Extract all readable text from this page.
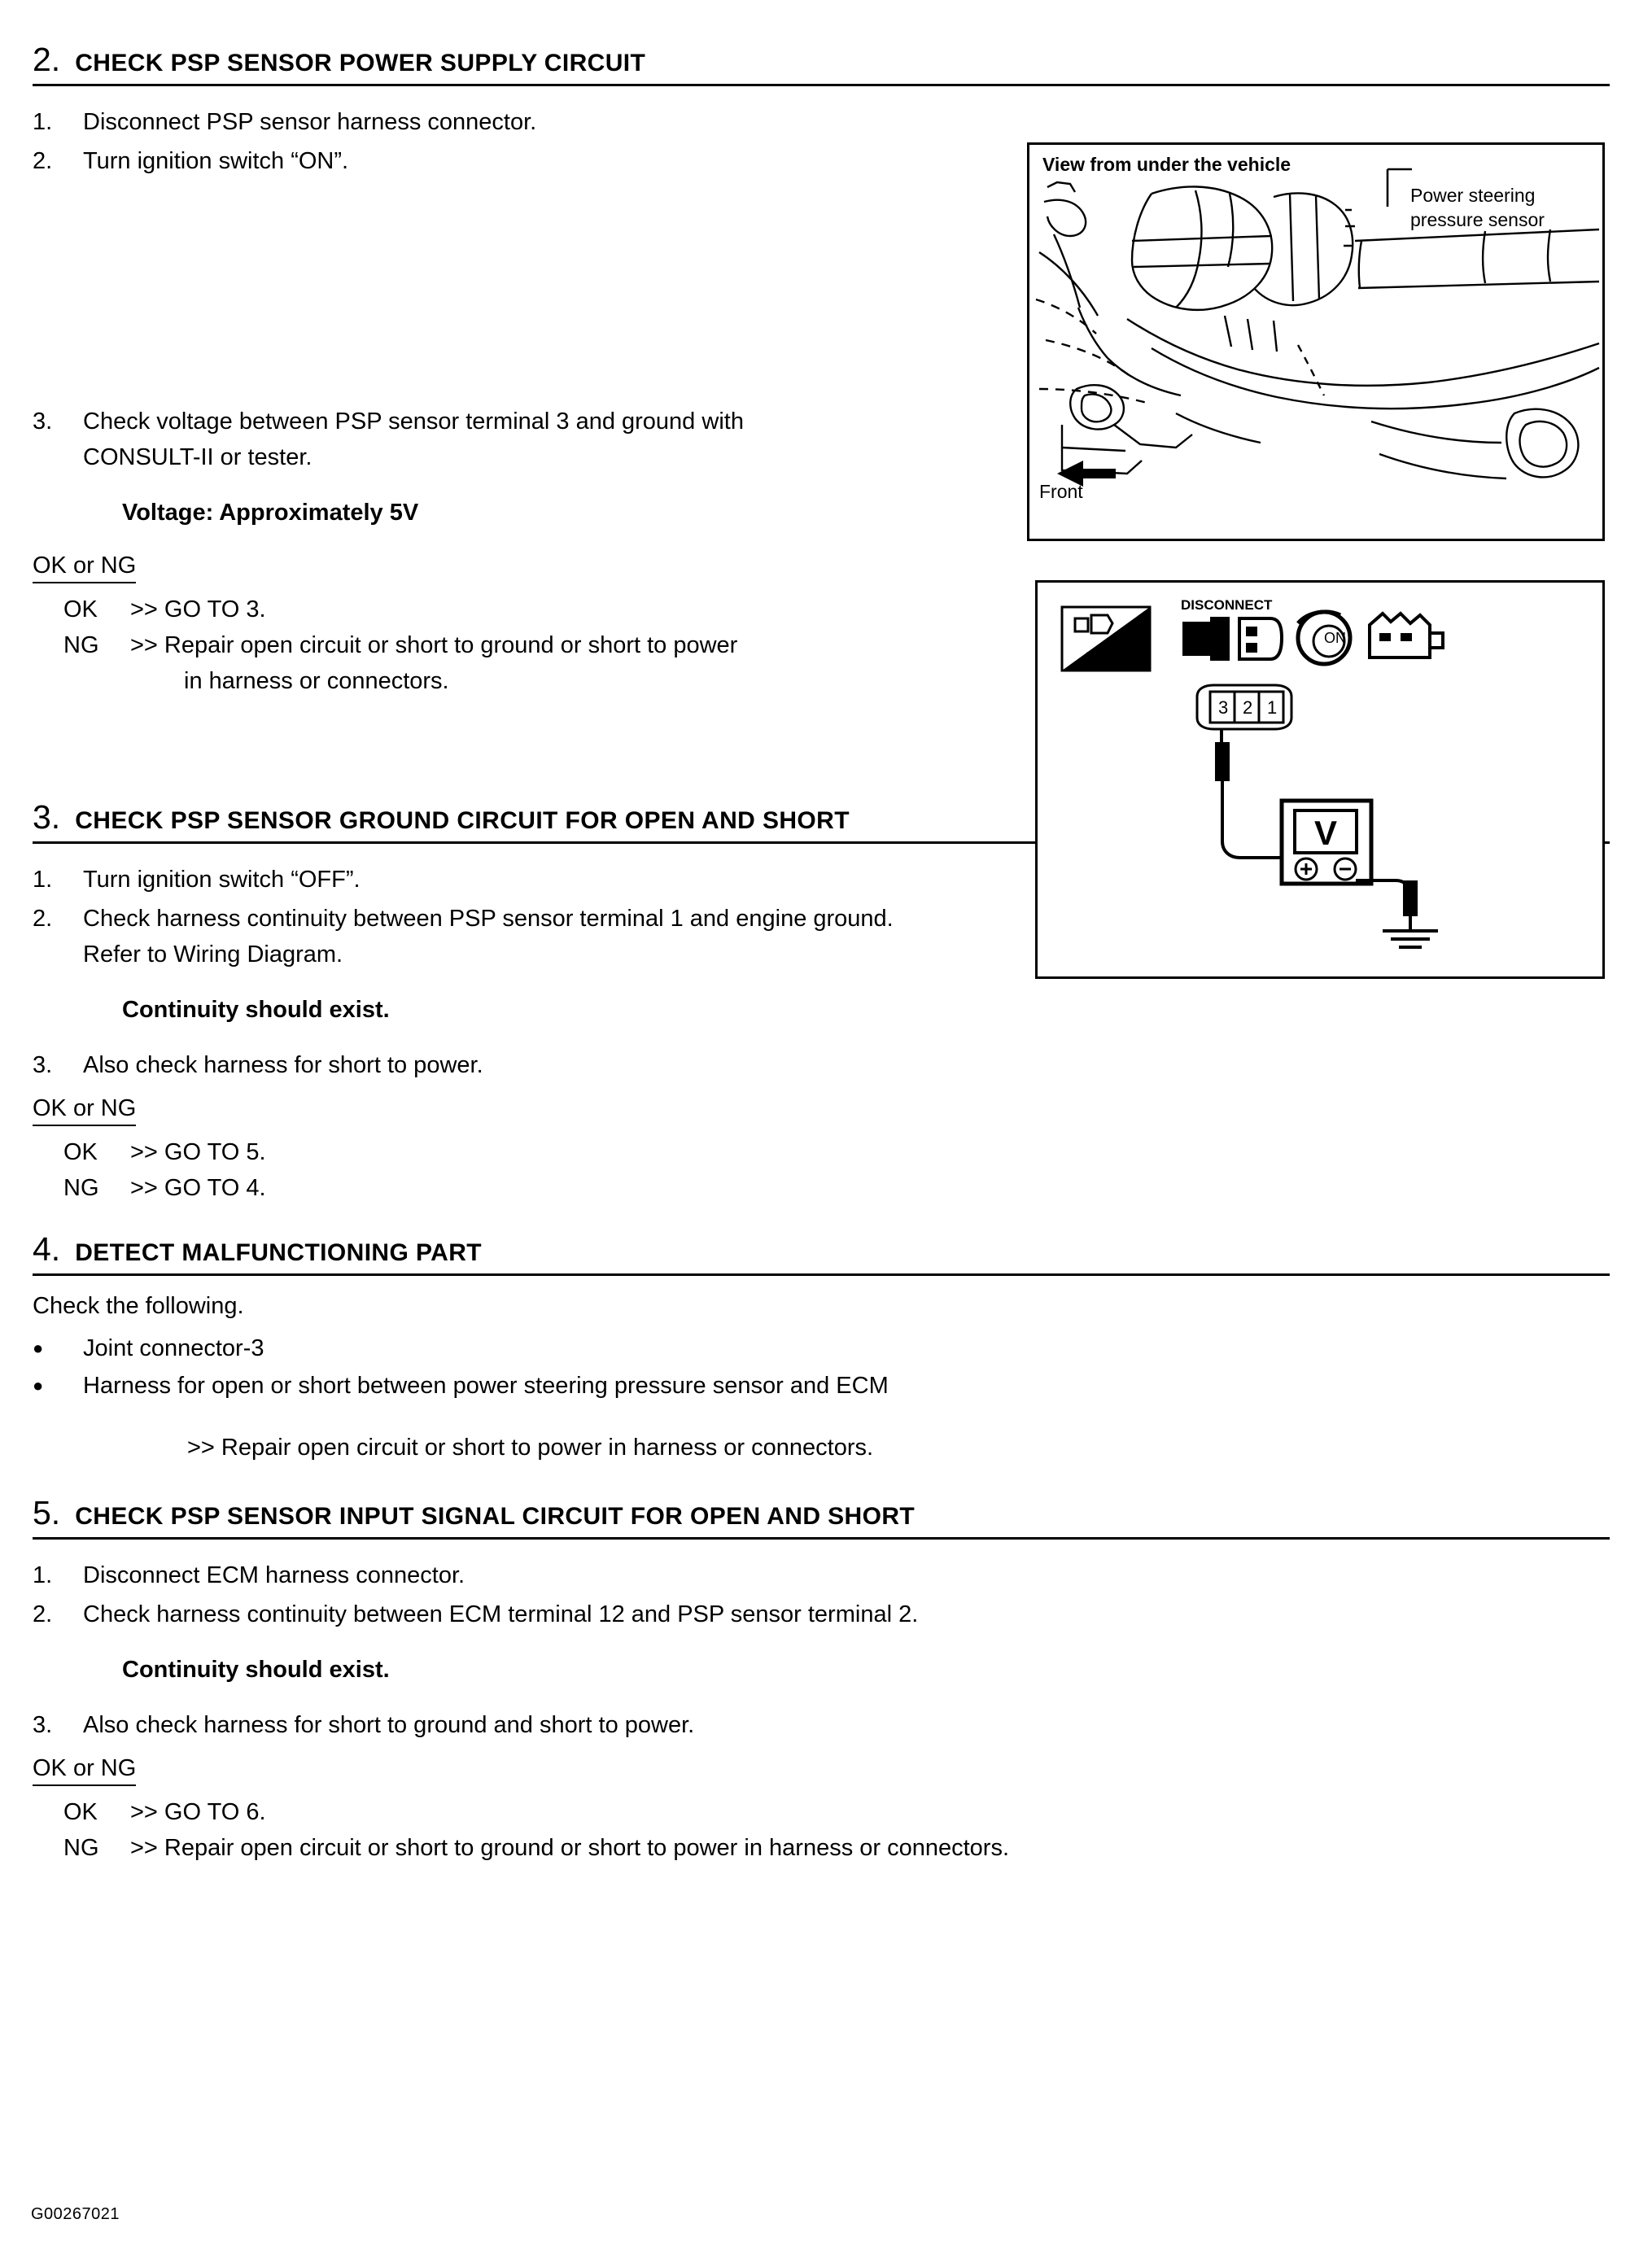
2. CHECK PSP SENSOR POWER SUPPLY CIRCUIT
1.	Disconnect PSP sensor harness connector.
2.	Turn ignition switch “ON”.
3.	Check voltage between PSP sensor terminal 3 and ground with
CONSULT-II or tester.
Voltage: Approximately 5V
OK or NG
OK	>> GO TO 3.
NG	>> Repair open circuit or short to ground or short to power
in harness or connectors.
3. CHECK PSP SENSOR GROUND CIRCUIT FOR OPEN AND SHORT
1.	Turn ignition switch “OFF”.
2.	Check harness continuity between PSP sensor terminal 1 and engine ground.
Refer to Wiring Diagram.
Continuity should exist.
3.	Also check harness for short to power.
OK or NG
OK	>> GO TO 5.
NG	>> GO TO 4.
4. DETECT MALFUNCTIONING PART
Check the following.
●	Joint connector-3
●	Harness for open or short between power steering pressure sensor and ECM
>> Repair open circuit or short to power in harness or connectors.
5. CHECK PSP SENSOR INPUT SIGNAL CIRCUIT FOR OPEN AND SHORT
1.	Disconnect ECM harness connector.
2.	Check harness continuity between ECM terminal 12 and PSP sensor terminal 2.
Continuity should exist.
3.	Also check harness for short to ground and short to power.
OK or NG
OK	>> GO TO 6.
NG	>> Repair open circuit or short to ground or short to power in harness or connectors.
View from under the vehicle
Power steering
pressure sensor
Front
V
DISCONNECT
T.S.
ON
3 2 1
G00267021
